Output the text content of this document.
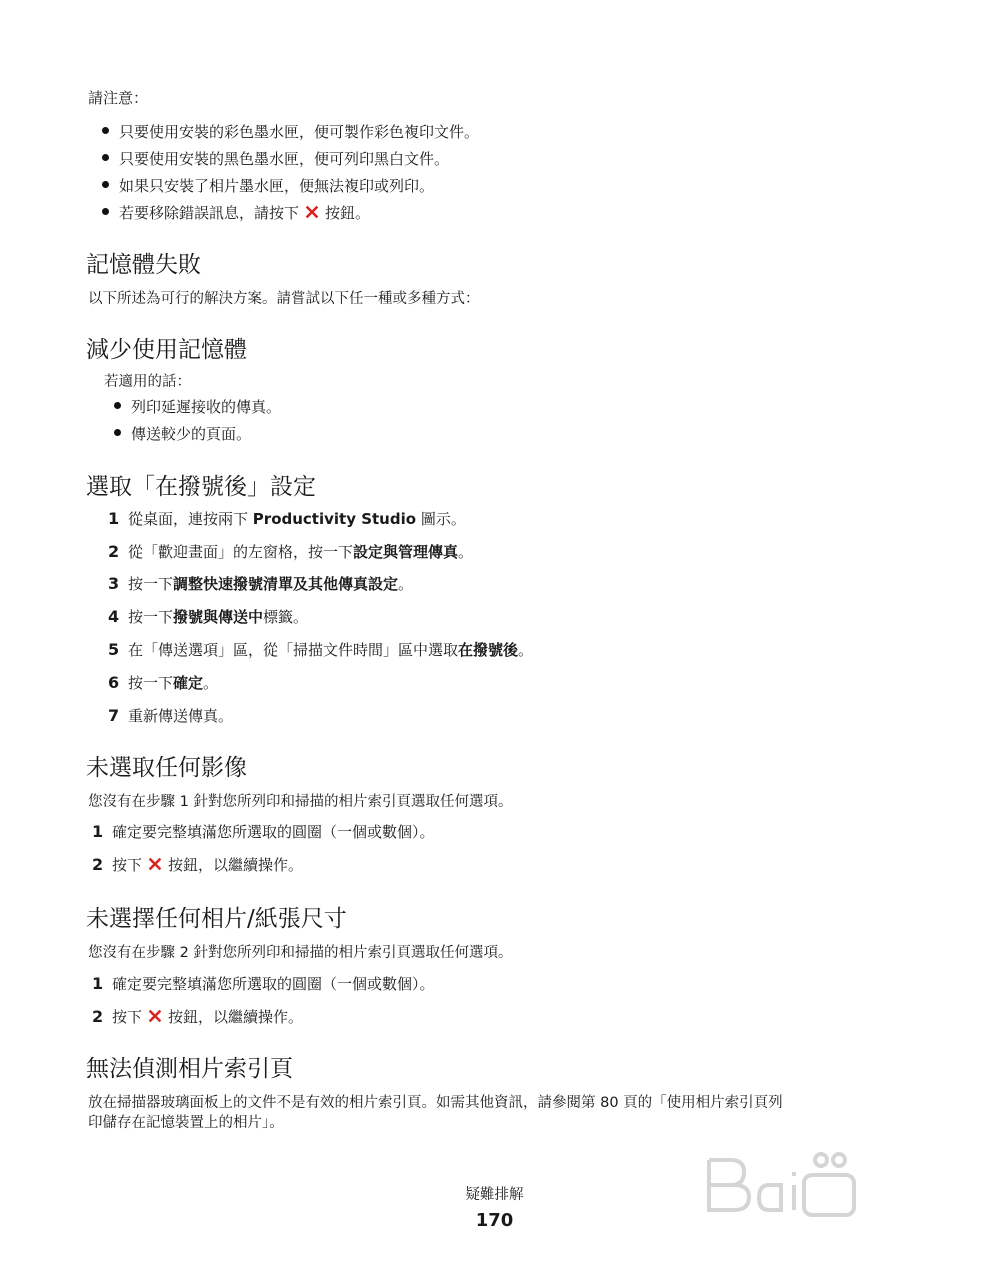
請注意：
只要使用安裝的彩色墨水匣，便可製作彩色複印文件。
只要使用安裝的黑色墨水匣，便可列印黑白文件。
如果只安裝了相片墨水匣，便無法複印或列印。
若要移除錯誤訊息，請按下 按鈕。
記憶體失敗
以下所述為可行的解決方案。請嘗試以下任一種或多種方式：
減少使用記憶體
若適用的話：
列印延遲接收的傳真。
傳送較少的頁面。
選取「在撥號後」設定
1 從桌面，連按兩下 Productivity Studio 圖示。
2 從「歡迎畫面」的左窗格，按一下設定與管理傳真。
3 按一下調整快速撥號清單及其他傳真設定。
4 按一下撥號與傳送中標籤。
5 在「傳送選項」區，從「掃描文件時間」區中選取在撥號後。
6 按一下確定。
7 重新傳送傳真。
未選取任何影像
您沒有在步驟 1 針對您所列印和掃描的相片索引頁選取任何選項。
1 確定要完整填滿您所選取的圓圈（一個或數個）。
2 按下 按鈕，以繼續操作。
未選擇任何相片/紙張尺寸
您沒有在步驟 2 針對您所列印和掃描的相片索引頁選取任何選項。
1 確定要完整填滿您所選取的圓圈（一個或數個）。
2 按下 按鈕，以繼續操作。
無法偵測相片索引頁
放在掃描器玻璃面板上的文件不是有效的相片索引頁。如需其他資訊，請參閱第 80 頁的「使用相片索引頁列
印儲存在記憶裝置上的相片」。
疑難排解
170
